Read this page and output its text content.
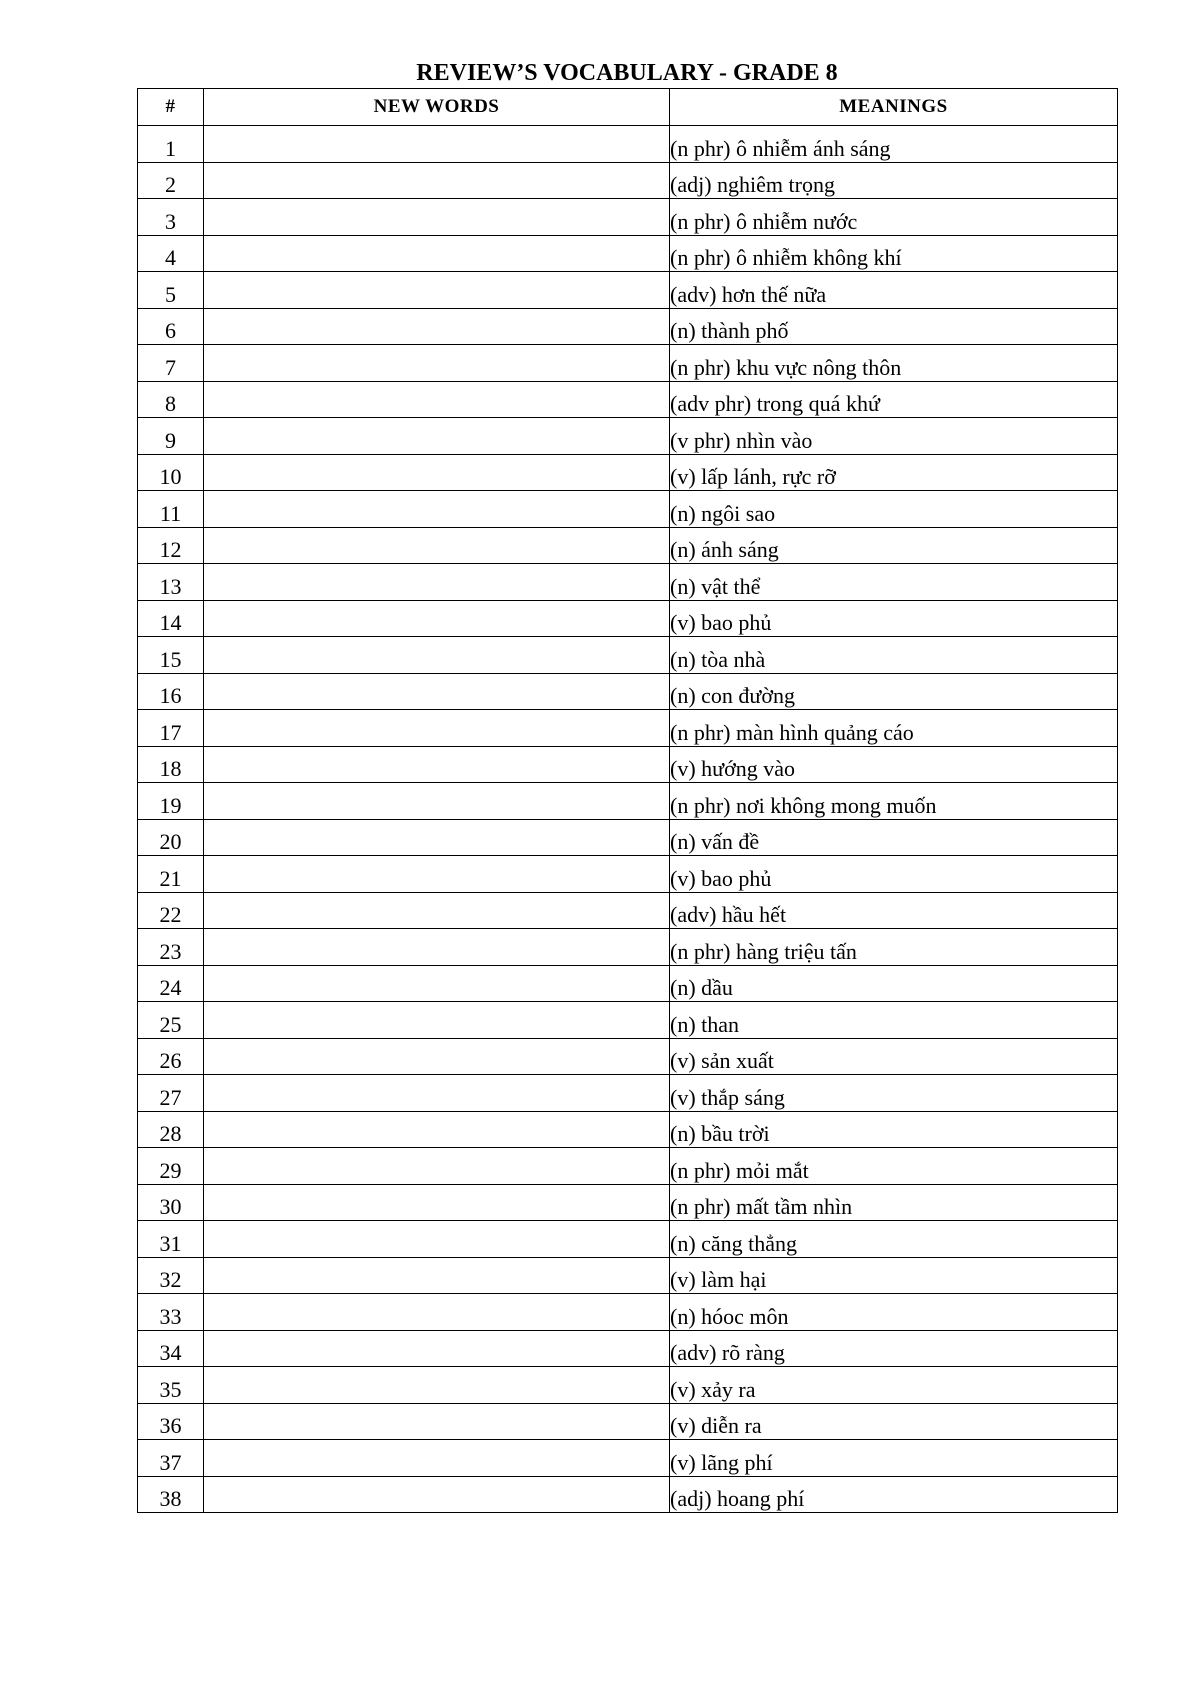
REVIEW’S VOCABULARY - GRADE 8
#	NEW WORDS	MEANINGS
1		(n phr) ô nhiễm ánh sáng
2		(adj) nghiêm trọng
3		(n phr) ô nhiễm nước
4		(n phr) ô nhiễm không khí
5		(adv) hơn thế nữa
6		(n) thành phố
7		(n phr) khu vực nông thôn
8		(adv phr) trong quá khứ
9		(v phr) nhìn vào
10		(v) lấp lánh, rực rỡ
11		(n) ngôi sao
12		(n) ánh sáng
13		(n) vật thể
14		(v) bao phủ
15		(n) tòa nhà
16		(n) con đường
17		(n phr) màn hình quảng cáo
18		(v) hướng vào
19		(n phr) nơi không mong muốn
20		(n) vấn đề
21		(v) bao phủ
22		(adv) hầu hết
23		(n phr) hàng triệu tấn
24		(n) dầu
25		(n) than
26		(v) sản xuất
27		(v) thắp sáng
28		(n) bầu trời
29		(n phr) mỏi mắt
30		(n phr) mất tầm nhìn
31		(n) căng thẳng
32		(v) làm hại
33		(n) hóoc môn
34		(adv) rõ ràng
35		(v) xảy ra
36		(v) diễn ra
37		(v) lãng phí
38		(adj) hoang phí
